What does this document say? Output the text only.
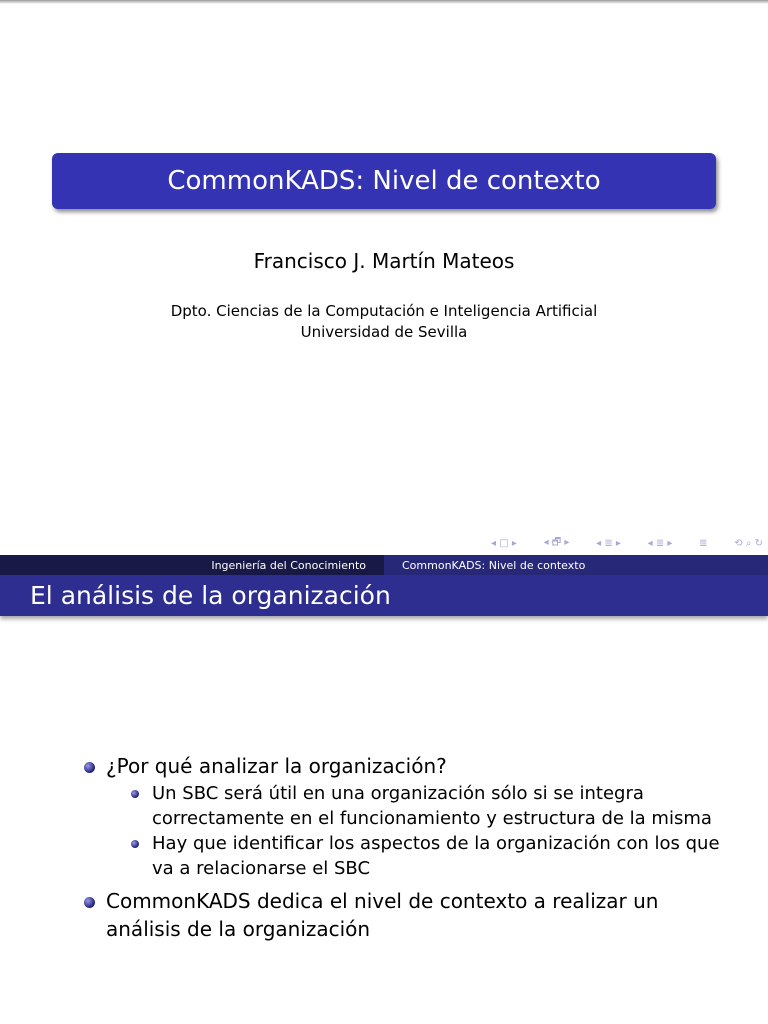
CommonKADS: Nivel de contexto
Francisco J. Martín Mateos
Dpto. Ciencias de la Computación e Inteligencia Artificial
Universidad de Sevilla
◂ □ ▸	◂ 🗗 ▸	◂ ≣ ▸	◂ ≣ ▸	≣	⟲ ⌕ ↻
Ingeniería del Conocimiento	CommonKADS: Nivel de contexto
El análisis de la organización
¿Por qué analizar la organización?
Un SBC será útil en una organización sólo si se integra correctamente en el funcionamiento y estructura de la misma
Hay que identificar los aspectos de la organización con los que va a relacionarse el SBC
CommonKADS dedica el nivel de contexto a realizar un análisis de la organización
